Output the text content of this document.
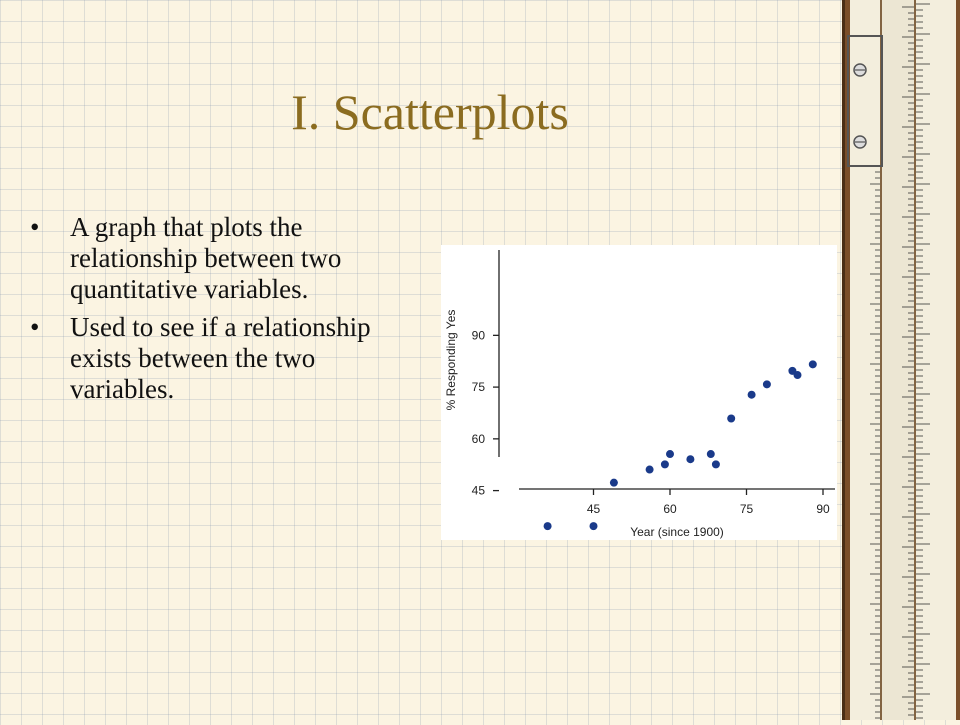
I. Scatterplots
• A graph that plots the relationship between two quantitative variables.
• Used to see if a relationship exists between the two variables.
45
60
75
90
45	60	75	90
Year (since 1900)
% Responding Yes
